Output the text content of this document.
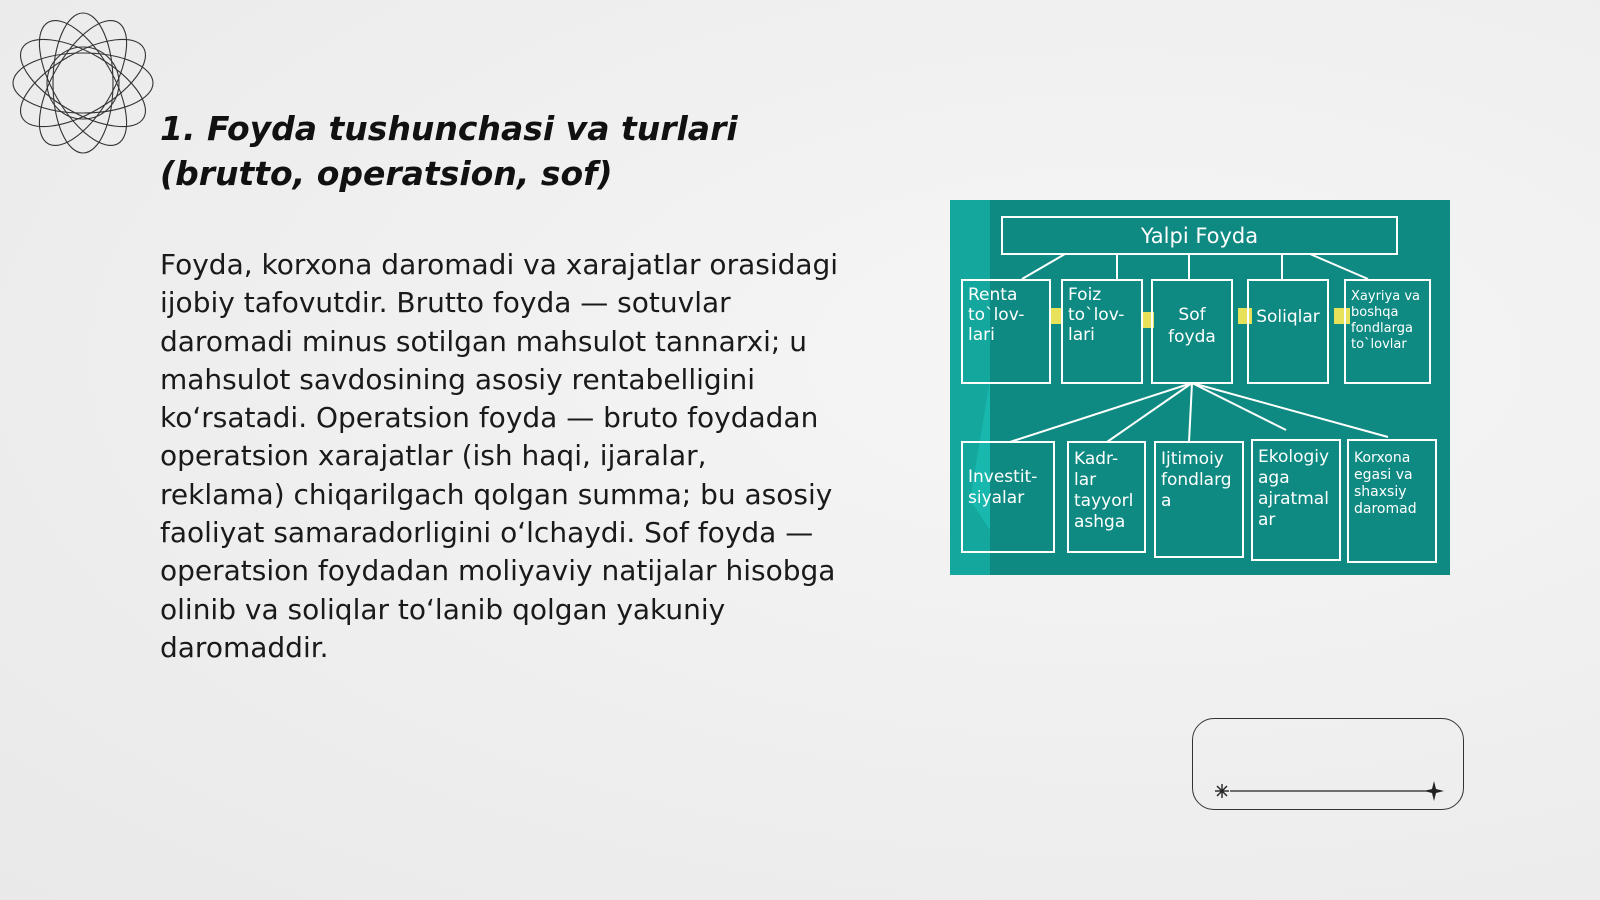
1. Foyda tushunchasi va turlari
(brutto, operatsion, sof)

Foyda, korxona daromadi va xarajatlar orasidagi ijobiy tafovutdir. Brutto foyda — sotuvlar daromadi minus sotilgan mahsulot tannarxi; u mahsulot savdosining asosiy rentabelligini koʻrsatadi. Operatsion foyda — bruto foydadan operatsion xarajatlar (ish haqi, ijaralar, reklama) chiqarilgach qolgan summa; bu asosiy faoliyat samaradorligini oʻlchaydi. Sof foyda — operatsion foydadan moliyaviy natijalar hisobga olinib va soliqlar toʻlanib qolgan yakuniy daromaddir.

Yalpi Foyda
Renta to`lov-lari
Foiz to`lov-lari
Sof foyda
Soliqlar
Xayriya va boshqa fondlarga to`lovlar
Investit-siyalar
Kadr-lar tayyorl ashga
Ijtimoiy fondlarg a
Ekologiy aga ajratmal ar
Korxona egasi va shaxsiy daromad
